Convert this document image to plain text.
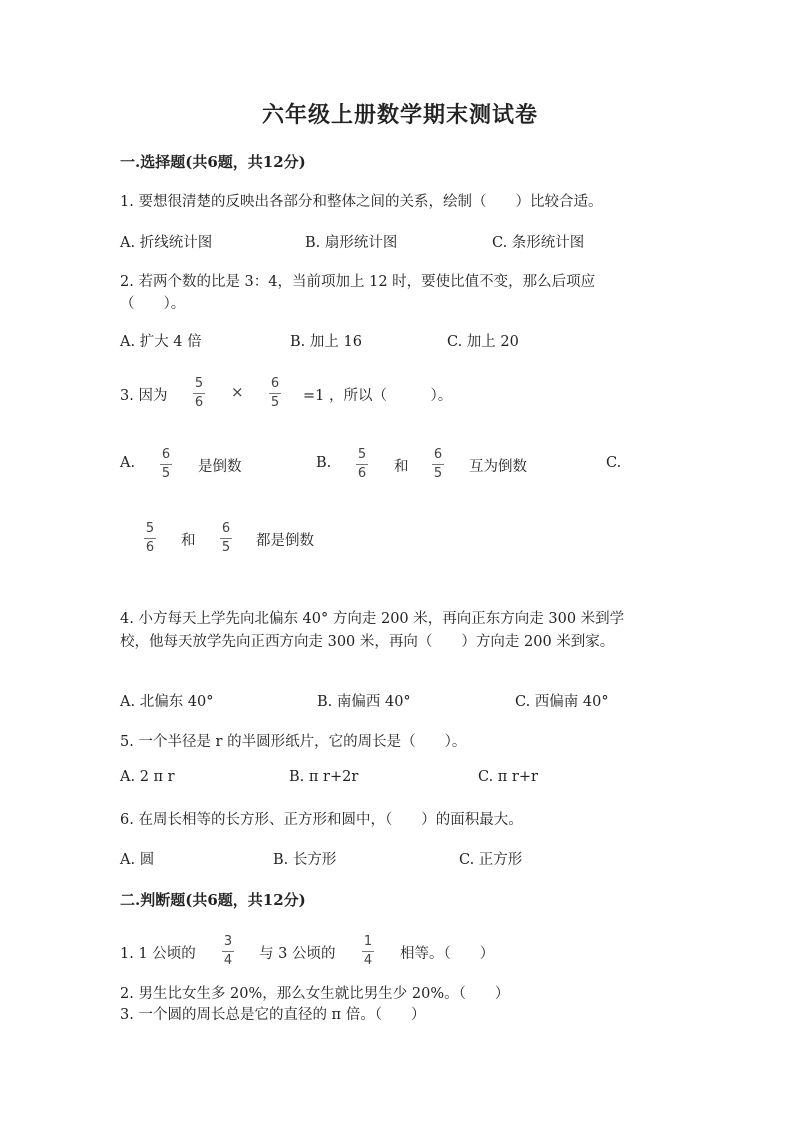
六年级上册数学期末测试卷
一.选择题(共6题，共12分)
1. 要想很清楚的反映出各部分和整体之间的关系，绘制（　　）比较合适。
A. 折线统计图	B. 扇形统计图	C. 条形统计图
2. 若两个数的比是 3：4，当前项加上 12 时，要使比值不变，那么后项应
（　　）。
A. 扩大 4 倍	B. 加上 16	C. 加上 20
3. 因为
5
6
× 6
5 =1 ，所以（　　　）。
A.
6
5 是倒数	B.
5
6 和
6
5 互为倒数	C.
5
6 和
6
5 都是倒数
4. 小方每天上学先向北偏东 40° 方向走 200 米，再向正东方向走 300 米到学
校，他每天放学先向正西方向走 300 米，再向（　　）方向走 200 米到家。
A. 北偏东 40°	B. 南偏西 40°	C. 西偏南 40°
5. 一个半径是 r 的半圆形纸片，它的周长是（　　）。
A. 2 π r	B. π r+2r	C. π r+r
6. 在周长相等的长方形、正方形和圆中，（　　）的面积最大。
A. 圆	B. 长方形	C. 正方形
二.判断题(共6题，共12分)
1. 1 公顷的
3
4 与 3 公顷的
1
4 相等。（　　）
2. 男生比女生多 20%，那么女生就比男生少 20%。（　　）
3. 一个圆的周长总是它的直径的 π 倍。（　　）
